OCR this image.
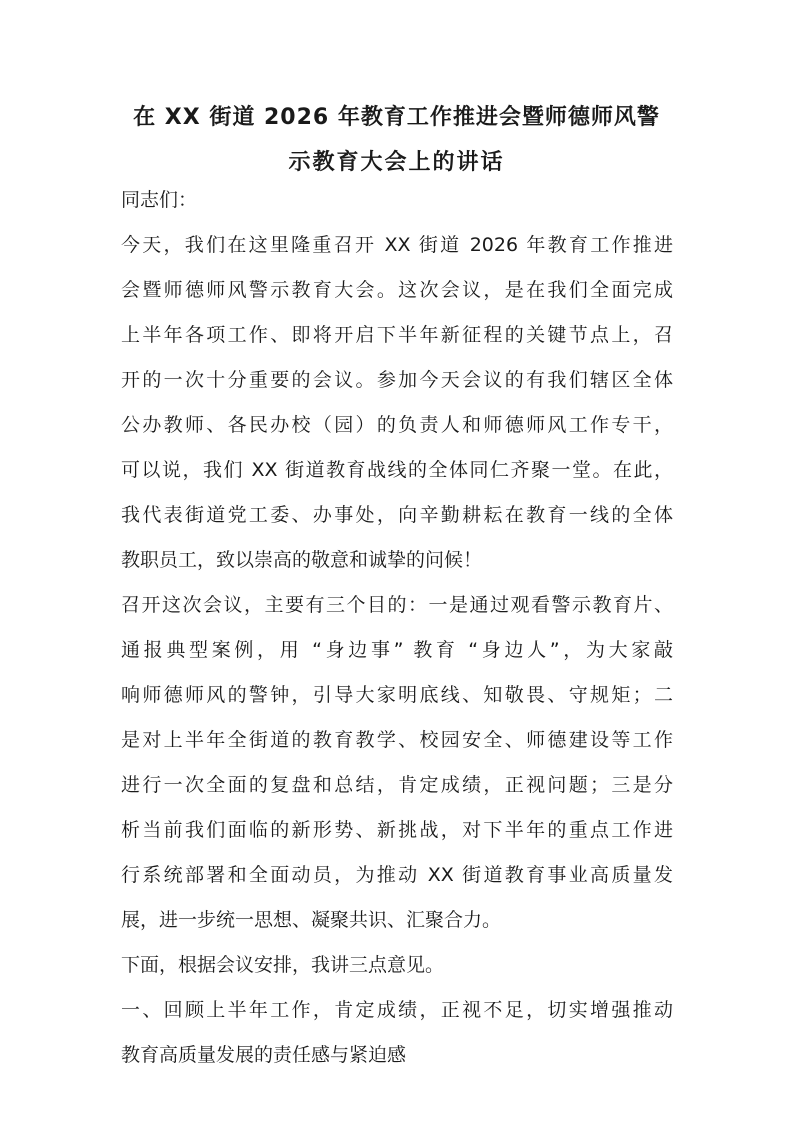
在 XX 街道 2026 年教育工作推进会暨师德师风警
示教育大会上的讲话
同志们：
今天，我们在这里隆重召开 XX 街道 2026 年教育工作推进
会暨师德师风警示教育大会。这次会议，是在我们全面完成
上半年各项工作、即将开启下半年新征程的关键节点上，召
开的一次十分重要的会议。参加今天会议的有我们辖区全体
公办教师、各民办校（园）的负责人和师德师风工作专干，
可以说，我们 XX 街道教育战线的全体同仁齐聚一堂。在此，
我代表街道党工委、办事处，向辛勤耕耘在教育一线的全体
教职员工，致以崇高的敬意和诚挚的问候！
召开这次会议，主要有三个目的：一是通过观看警示教育片、
通报典型案例，用 “身边事” 教育 “身边人”，为大家敲
响师德师风的警钟，引导大家明底线、知敬畏、守规矩；二
是对上半年全街道的教育教学、校园安全、师德建设等工作
进行一次全面的复盘和总结，肯定成绩，正视问题；三是分
析当前我们面临的新形势、新挑战，对下半年的重点工作进
行系统部署和全面动员，为推动 XX 街道教育事业高质量发
展，进一步统一思想、凝聚共识、汇聚合力。
下面，根据会议安排，我讲三点意见。
一、回顾上半年工作，肯定成绩，正视不足，切实增强推动
教育高质量发展的责任感与紧迫感
